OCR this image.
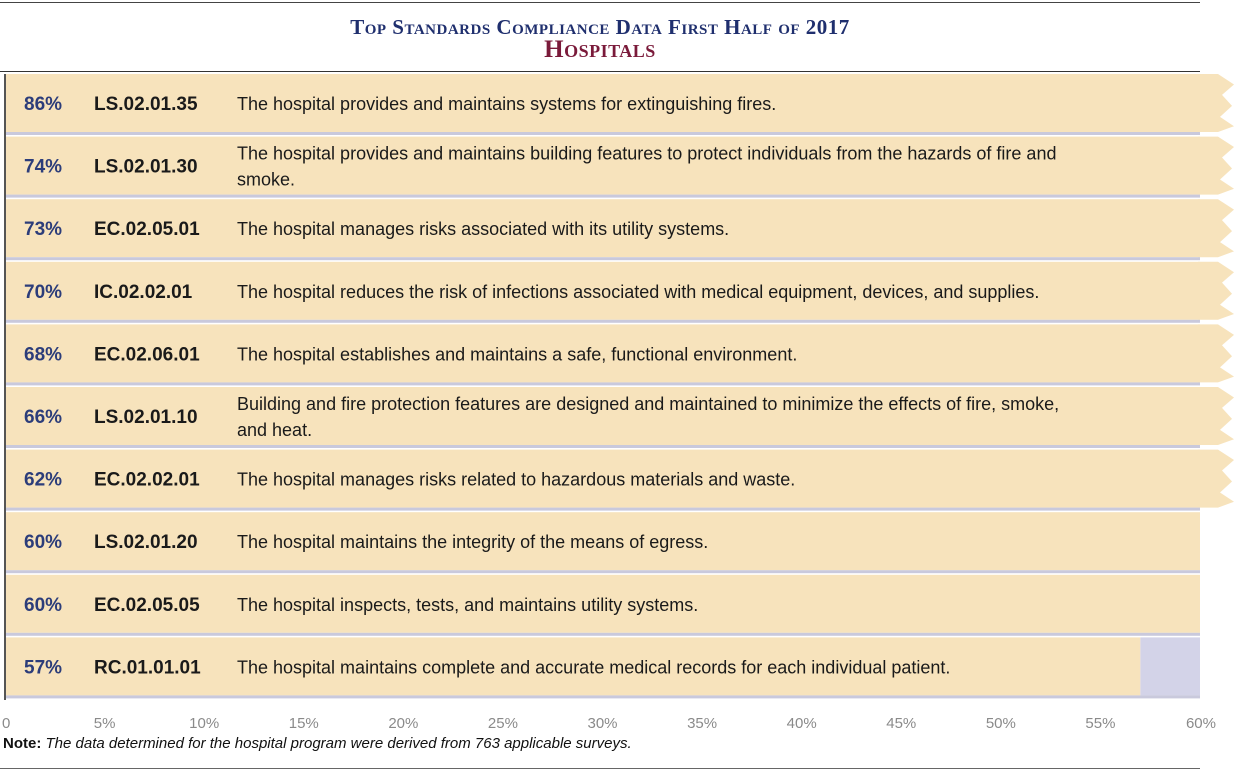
Top Standards Compliance Data First Half of 2017
Hospitals
86% LS.02.01.35 The hospital provides and maintains systems for extinguishing fires.
74% LS.02.01.30
The hospital provides and maintains building features to protect individuals from the hazards of fire and
smoke.
73% EC.02.05.01 The hospital manages risks associated with its utility systems.
70% IC.02.02.01 The hospital reduces the risk of infections associated with medical equipment, devices, and supplies.
68% EC.02.06.01 The hospital establishes and maintains a safe, functional environment.
66% LS.02.01.10
Building and fire protection features are designed and maintained to minimize the effects of fire, smoke,
and heat.
62% EC.02.02.01 The hospital manages risks related to hazardous materials and waste.
60% LS.02.01.20 The hospital maintains the integrity of the means of egress.
60% EC.02.05.05 The hospital inspects, tests, and maintains utility systems.
57% RC.01.01.01 The hospital maintains complete and accurate medical records for each individual patient.
0	5%	10%	15%	20%	25%	30%	35%	40%	45%	50%	55%	60%
Note: The data determined for the hospital program were derived from 763 applicable surveys.
